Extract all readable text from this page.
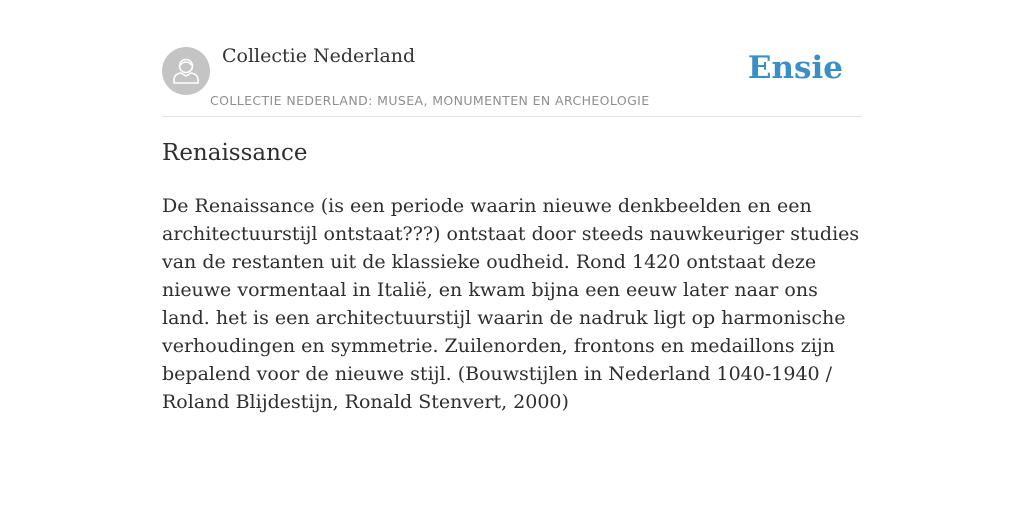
Collectie Nederland
COLLECTIE NEDERLAND: MUSEA, MONUMENTEN EN ARCHEOLOGIE
Ensie
Renaissance

De Renaissance (is een periode waarin nieuwe denkbeelden en een architectuurstijl ontstaat???) ontstaat door steeds nauwkeuriger studies van de restanten uit de klassieke oudheid. Rond 1420 ontstaat deze nieuwe vormentaal in Italië, en kwam bijna een eeuw later naar ons land. het is een architectuurstijl waarin de nadruk ligt op harmonische verhoudingen en symmetrie. Zuilenorden, frontons en medaillons zijn bepalend voor de nieuwe stijl. (Bouwstijlen in Nederland 1040-1940 / Roland Blijdestijn, Ronald Stenvert, 2000)
